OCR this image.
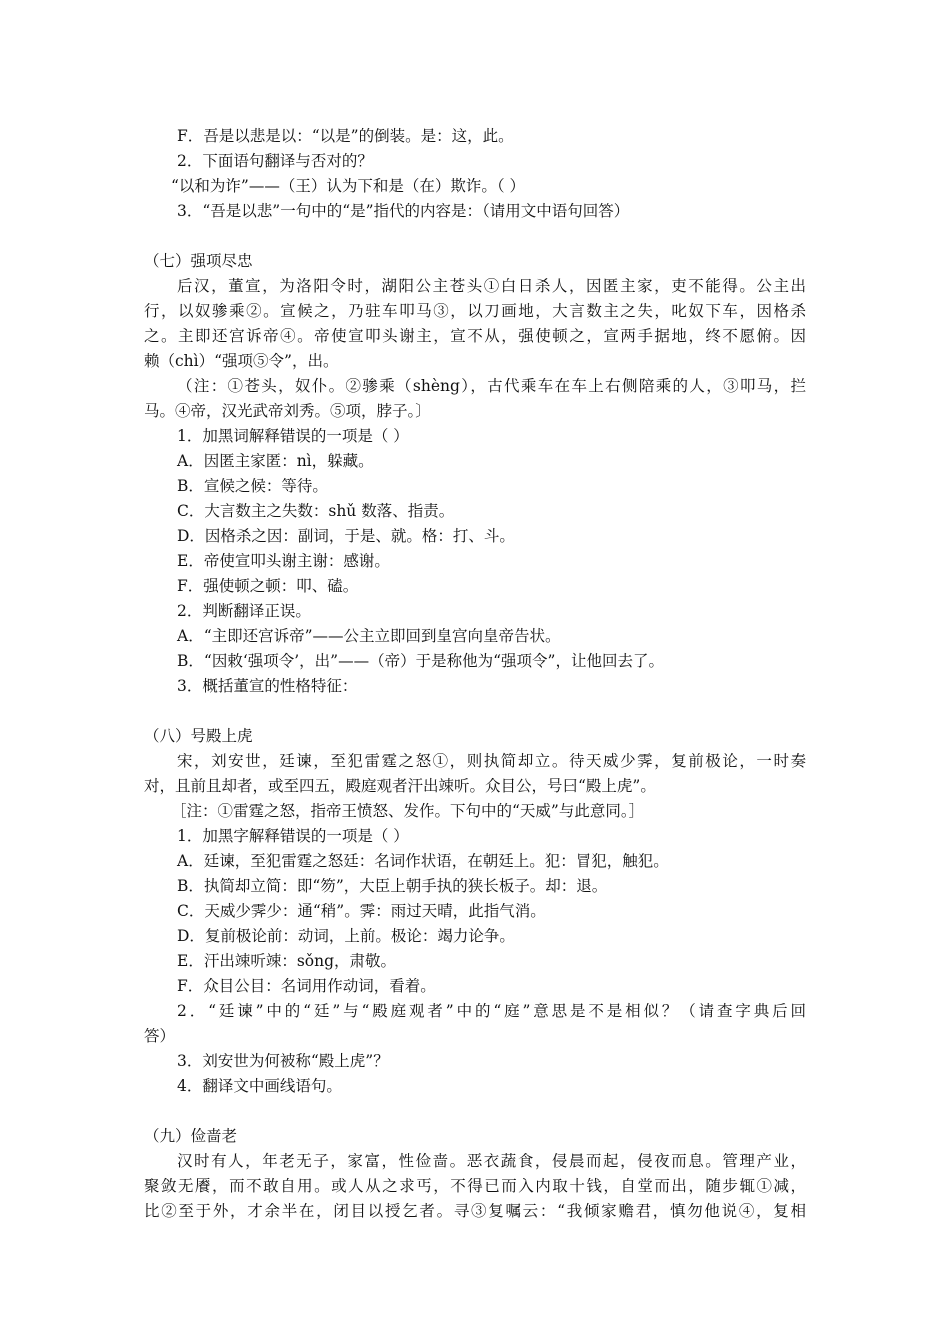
F．吾是以悲是以：“以是”的倒装。是：这，此。
2．下面语句翻译与否对的？
“以和为诈”——（王）认为下和是（在）欺诈。（ ）
3．“吾是以悲”一句中的“是”指代的内容是：（请用文中语句回答）
（七）强项尽忠
后汉，董宣，为洛阳令时，湖阳公主苍头①白日杀人，因匿主家，吏不能得。公主出
行，以奴骖乘②。宣候之，乃驻车叩马③，以刀画地，大言数主之失，叱奴下车，因格杀
之。主即还宫诉帝④。帝使宣叩头谢主，宣不从，强使顿之，宣两手据地，终不愿俯。因
赖（chì）“强项⑤令”，出。
（注：①苍头，奴仆。②骖乘（shèng），古代乘车在车上右侧陪乘的人，③叩马，拦
马。④帝，汉光武帝刘秀。⑤项，脖子。〕
1．加黑词解释错误的一项是（ ）
A．因匿主家匿：nì，躲藏。
B．宣候之候：等待。
C．大言数主之失数：shǔ 数落、指责。
D．因格杀之因：副词，于是、就。格：打、斗。
E．帝使宣叩头谢主谢：感谢。
F．强使顿之顿：叩、磕。
2．判断翻译正误。
A．“主即还宫诉帝”——公主立即回到皇宫向皇帝告状。
B．“因敕‘强项令’，出”——（帝）于是称他为“强项令”，让他回去了。
3．概括董宣的性格特征：
（八）号殿上虎
宋，刘安世，廷谏，至犯雷霆之怒①，则执简却立。待天威少霁，复前极论，一时奏
对，且前且却者，或至四五，殿庭观者汗出竦听。众目公，号曰“殿上虎”。
［注：①雷霆之怒，指帝王愤怒、发作。下句中的“天威”与此意同。］
1．加黑字解释错误的一项是（ ）
A．廷谏，至犯雷霆之怒廷：名词作状语，在朝廷上。犯：冒犯，触犯。
B．执简却立简：即“笏”，大臣上朝手执的狭长板子。却：退。
C．天威少霁少：通“稍”。霁：雨过天晴，此指气消。
D．复前极论前：动词，上前。极论：竭力论争。
E．汗出竦听竦：sǒng，肃敬。
F．众目公目：名词用作动词，看着。
2．“廷谏”中的“廷”与“殿庭观者”中的“庭”意思是不是相似？（请查字典后回
答）
3．刘安世为何被称“殿上虎”？
4．翻译文中画线语句。
（九）俭啬老
汉时有人，年老无子，家富，性俭啬。恶衣蔬食，侵晨而起，侵夜而息。管理产业，
聚敛无餍，而不敢自用。或人从之求丐，不得已而入内取十钱，自堂而出，随步辄①减，
比②至于外，才余半在，闭目以授乞者。寻③复嘱云：“我倾家赡君，慎勿他说④，复相
